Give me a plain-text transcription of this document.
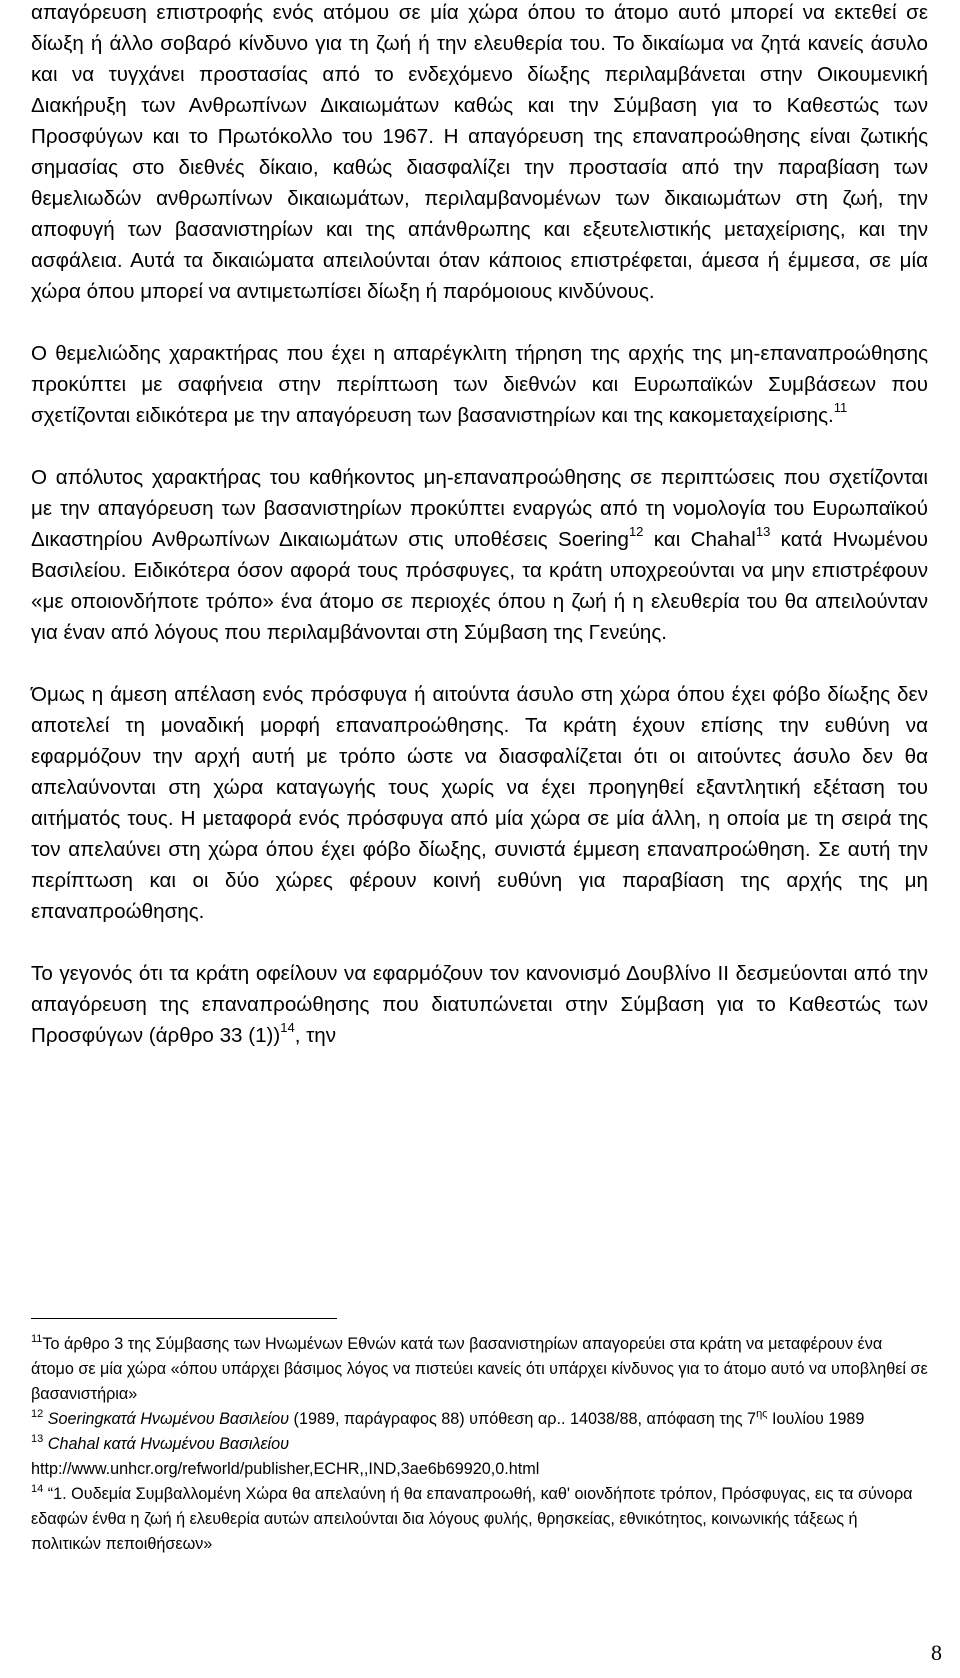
απαγόρευση επιστροφής ενός ατόμου σε μία χώρα όπου το άτομο αυτό μπορεί να εκτεθεί σε δίωξη ή άλλο σοβαρό κίνδυνο για τη ζωή ή την ελευθερία του. Το δικαίωμα να ζητά κανείς άσυλο και να τυγχάνει προστασίας από το ενδεχόμενο δίωξης περιλαμβάνεται στην Οικουμενική Διακήρυξη των Ανθρωπίνων Δικαιωμάτων καθώς και την Σύμβαση για το Καθεστώς των Προσφύγων και το Πρωτόκολλο του 1967. Η απαγόρευση της επαναπροώθησης είναι ζωτικής σημασίας στο διεθνές δίκαιο, καθώς διασφαλίζει την προστασία από την παραβίαση των θεμελιωδών ανθρωπίνων δικαιωμάτων, περιλαμβανομένων των δικαιωμάτων στη ζωή, την αποφυγή των βασανιστηρίων και της απάνθρωπης και εξευτελιστικής μεταχείρισης, και την ασφάλεια. Αυτά τα δικαιώματα απειλούνται όταν κάποιος επιστρέφεται, άμεσα ή έμμεσα, σε μία χώρα όπου μπορεί να αντιμετωπίσει δίωξη ή παρόμοιους κινδύνους.

Ο θεμελιώδης χαρακτήρας που έχει η απαρέγκλιτη τήρηση της αρχής της μη-επαναπροώθησης προκύπτει με σαφήνεια στην περίπτωση των διεθνών και Ευρωπαϊκών Συμβάσεων που σχετίζονται ειδικότερα με την απαγόρευση των βασανιστηρίων και της κακομεταχείρισης.$^{11}$

Ο απόλυτος χαρακτήρας του καθήκοντος μη-επαναπροώθησης σε περιπτώσεις που σχετίζονται με την απαγόρευση των βασανιστηρίων προκύπτει εναργώς από τη νομολογία του Ευρωπαϊκού Δικαστηρίου Ανθρωπίνων Δικαιωμάτων στις υποθέσεις Soering$^{12}$ και Chahal$^{13}$ κατά Ηνωμένου Βασιλείου. Ειδικότερα όσον αφορά τους πρόσφυγες, τα κράτη υποχρεούνται να μην επιστρέφουν «με οποιονδήποτε τρόπο» ένα άτομο σε περιοχές όπου η ζωή ή η ελευθερία του θα απειλούνταν για έναν από λόγους που περιλαμβάνονται στη Σύμβαση της Γενεύης.

Όμως η άμεση απέλαση ενός πρόσφυγα ή αιτούντα άσυλο στη χώρα όπου έχει φόβο δίωξης δεν αποτελεί τη μοναδική μορφή επαναπροώθησης. Τα κράτη έχουν επίσης την ευθύνη να εφαρμόζουν την αρχή αυτή με τρόπο ώστε να διασφαλίζεται ότι οι αιτούντες άσυλο δεν θα απελαύνονται στη χώρα καταγωγής τους χωρίς να έχει προηγηθεί εξαντλητική εξέταση του αιτήματός τους. Η μεταφορά ενός πρόσφυγα από μία χώρα σε μία άλλη, η οποία με τη σειρά της τον απελαύνει στη χώρα όπου έχει φόβο δίωξης, συνιστά έμμεση επαναπροώθηση. Σε αυτή την περίπτωση και οι δύο χώρες φέρουν κοινή ευθύνη για παραβίαση της αρχής της μη επαναπροώθησης.

Το γεγονός ότι τα κράτη οφείλουν να εφαρμόζουν τον κανονισμό Δουβλίνο ΙΙ δεσμεύονται από την απαγόρευση της επαναπροώθησης που διατυπώνεται στην Σύμβαση για το Καθεστώς των Προσφύγων (άρθρο 33 (1))$^{14}$, την

$^{11}$Το άρθρο 3 της Σύμβασης των Ηνωμένων Εθνών κατά των βασανιστηρίων απαγορεύει στα κράτη να μεταφέρουν ένα άτομο σε μία χώρα «όπου υπάρχει βάσιμος λόγος να πιστεύει κανείς ότι υπάρχει κίνδυνος για το άτομο αυτό να υποβληθεί σε βασανιστήρια»

$^{12}$ Soeringκατά Ηνωμένου Βασιλείου (1989, παράγραφος 88) υπόθεση αρ.. 14038/88, απόφαση της $7^{\eta\varsigma}$ Ιουλίου 1989

$^{13}$ Chahal κατά Ηνωμένου Βασιλείου
http://www.unhcr.org/refworld/publisher,ECHR,,IND,3ae6b69920,0.html

$^{14}$ “1. Ουδεμία Συμβαλλομένη Χώρα θα απελαύνη ή θα επαναπροωθή, καθ' οιονδήποτε τρόπον, Πρόσφυγας, εις τα σύνορα εδαφών ένθα η ζωή ή ελευθερία αυτών απειλούνται δια λόγους φυλής, θρησκείας, εθνικότητος, κοινωνικής τάξεως ή πολιτικών πεποιθήσεων»

8
